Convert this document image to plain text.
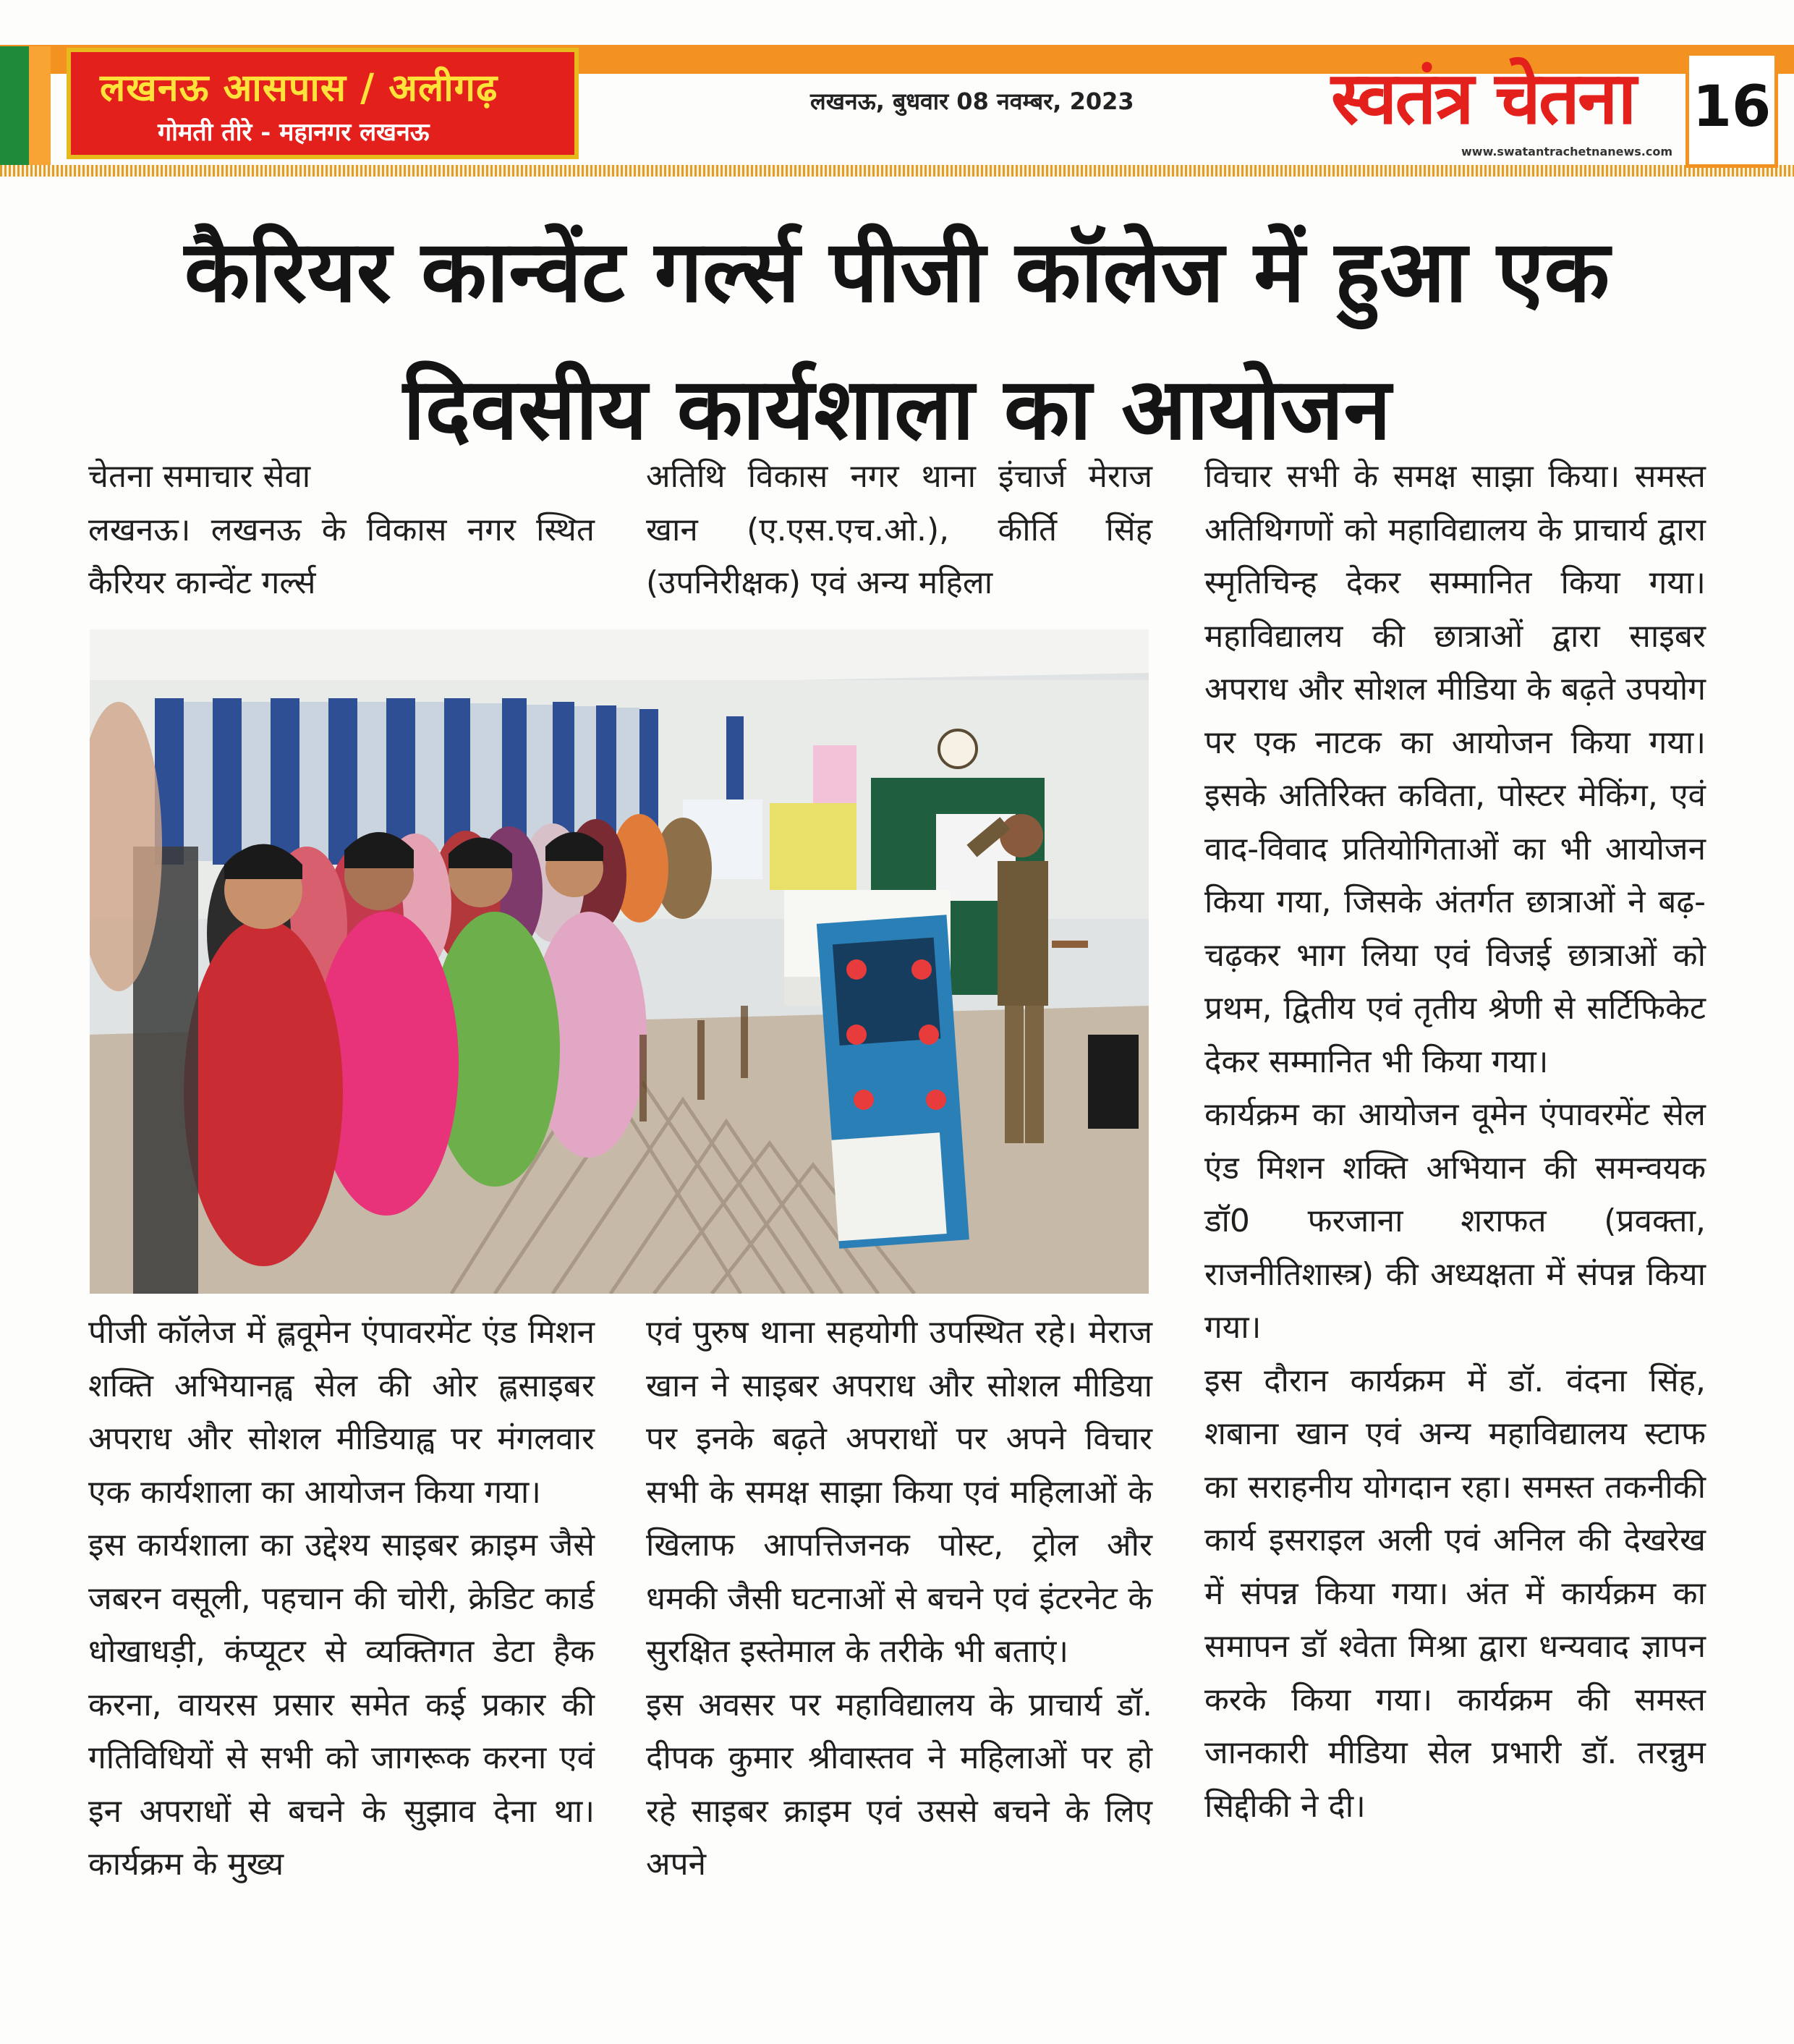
लखनऊ आसपास / अलीगढ़
गोमती तीरे - महानगर लखनऊ
लखनऊ, बुधवार 08 नवम्बर, 2023	स्वतंत्र चेतना
www.swatantrachetnanews.com
16
कैरियर कान्वेंट गर्ल्स पीजी कॉलेज में हुआ एक दिवसीय कार्यशाला का आयोजन

चेतना समाचार सेवा

लखनऊ। लखनऊ के विकास नगर स्थित कैरियर कान्वेंट गर्ल्स

अतिथि विकास नगर थाना इंचार्ज मेराज खान (ए.एस.एच.ओ.), कीर्ति सिंह (उपनिरीक्षक) एवं अन्य महिला

पीजी कॉलेज में ह्लवूमेन एंपावरमेंट एंड मिशन शक्ति अभियानह्व सेल की ओर ह्लसाइबर अपराध और सोशल मीडियाह्व पर मंगलवार एक कार्यशाला का आयोजन किया गया।

इस कार्यशाला का उद्देश्य साइबर क्राइम जैसे जबरन वसूली, पहचान की चोरी, क्रेडिट कार्ड धोखाधड़ी, कंप्यूटर से व्यक्तिगत डेटा हैक करना, वायरस प्रसार समेत कई प्रकार की गतिविधियों से सभी को जागरूक करना एवं इन अपराधों से बचने के सुझाव देना था। कार्यक्रम के मुख्य

एवं पुरुष थाना सहयोगी उपस्थित रहे। मेराज खान ने साइबर अपराध और सोशल मीडिया पर इनके बढ़ते अपराधों पर अपने विचार सभी के समक्ष साझा किया एवं महिलाओं के खिलाफ आपत्तिजनक पोस्ट, ट्रोल और धमकी जैसी घटनाओं से बचने एवं इंटरनेट के सुरक्षित इस्तेमाल के तरीके भी बताएं।

इस अवसर पर महाविद्यालय के प्राचार्य डॉ. दीपक कुमार श्रीवास्तव ने महिलाओं पर हो रहे साइबर क्राइम एवं उससे बचने के लिए अपने

विचार सभी के समक्ष साझा किया। समस्त अतिथिगणों को महाविद्यालय के प्राचार्य द्वारा स्मृतिचिन्ह देकर सम्मानित किया गया। महाविद्यालय की छात्राओं द्वारा साइबर अपराध और सोशल मीडिया के बढ़ते उपयोग पर एक नाटक का आयोजन किया गया। इसके अतिरिक्त कविता, पोस्टर मेकिंग, एवं वाद-विवाद प्रतियोगिताओं का भी आयोजन किया गया, जिसके अंतर्गत छात्राओं ने बढ़-चढ़कर भाग लिया एवं विजई छात्राओं को प्रथम, द्वितीय एवं तृतीय श्रेणी से सर्टिफिकेट देकर सम्मानित भी किया गया।

कार्यक्रम का आयोजन वूमेन एंपावरमेंट सेल एंड मिशन शक्ति अभियान की समन्वयक डॉ0 फरजाना शराफत (प्रवक्ता, राजनीतिशास्त्र) की अध्यक्षता में संपन्न किया गया।

इस दौरान कार्यक्रम में डॉ. वंदना सिंह, शबाना खान एवं अन्य महाविद्यालय स्टाफ का सराहनीय योगदान रहा। समस्त तकनीकी कार्य इसराइल अली एवं अनिल की देखरेख में संपन्न किया गया। अंत में कार्यक्रम का समापन डॉ श्वेता मिश्रा द्वारा धन्यवाद ज्ञापन करके किया गया। कार्यक्रम की समस्त जानकारी मीडिया सेल प्रभारी डॉ. तरन्नुम सिद्दीकी ने दी।
